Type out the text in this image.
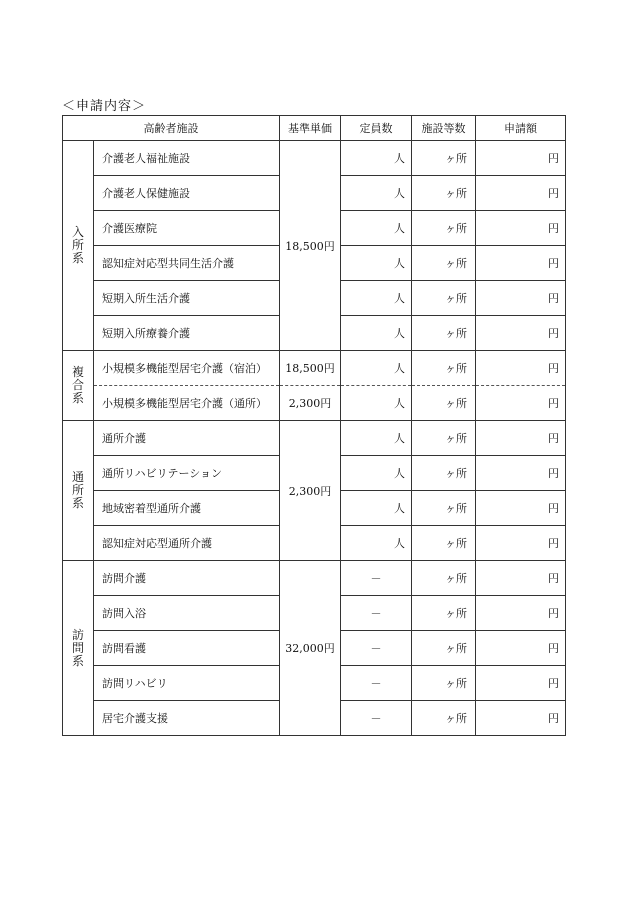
＜申請内容＞
高齢者施設		基準単価	定員数	施設等数	申請額

入
所
系	介護老人福祉施設	18,500円	人	ヶ所	円
	介護老人保健施設		人	ヶ所	円
	介護医療院		人	ヶ所	円
	認知症対応型共同生活介護		人	ヶ所	円
	短期入所生活介護		人	ヶ所	円
	短期入所療養介護		人	ヶ所	円

複
合
系	小規模多機能型居宅介護（宿泊）	18,500円	人	ヶ所	円
	小規模多機能型居宅介護（通所）	2,300円	人	ヶ所	円

通
所
系	通所介護	2,300円	人	ヶ所	円
	通所リハビリテーション		人	ヶ所	円
	地域密着型通所介護		人	ヶ所	円
	認知症対応型通所介護		人	ヶ所	円

訪
問
系	訪問介護	32,000円	－	ヶ所	円
	訪問入浴		－	ヶ所	円
	訪問看護		－	ヶ所	円
	訪問リハビリ		－	ヶ所	円
	居宅介護支援		－	ヶ所	円
